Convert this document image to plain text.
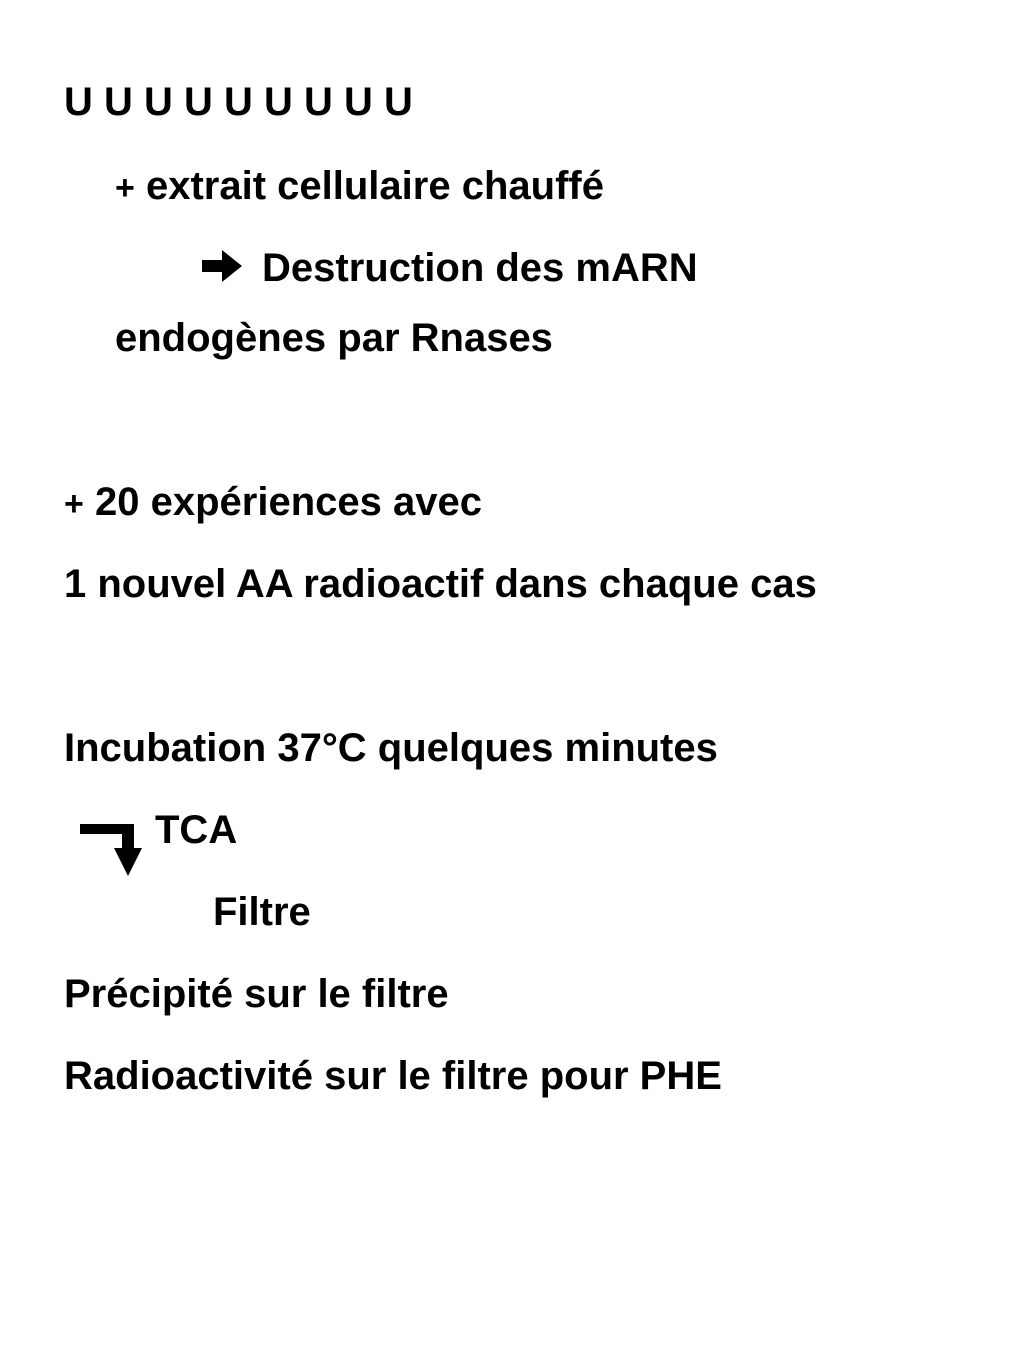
U U U U U U U U U
+ extrait cellulaire chauffé
Destruction des mARN
endogènes par Rnases
+ 20 expériences avec
1 nouvel AA radioactif dans chaque cas
Incubation 37°C quelques minutes
TCA
Filtre
Précipité sur le filtre
Radioactivité sur le filtre pour PHE
